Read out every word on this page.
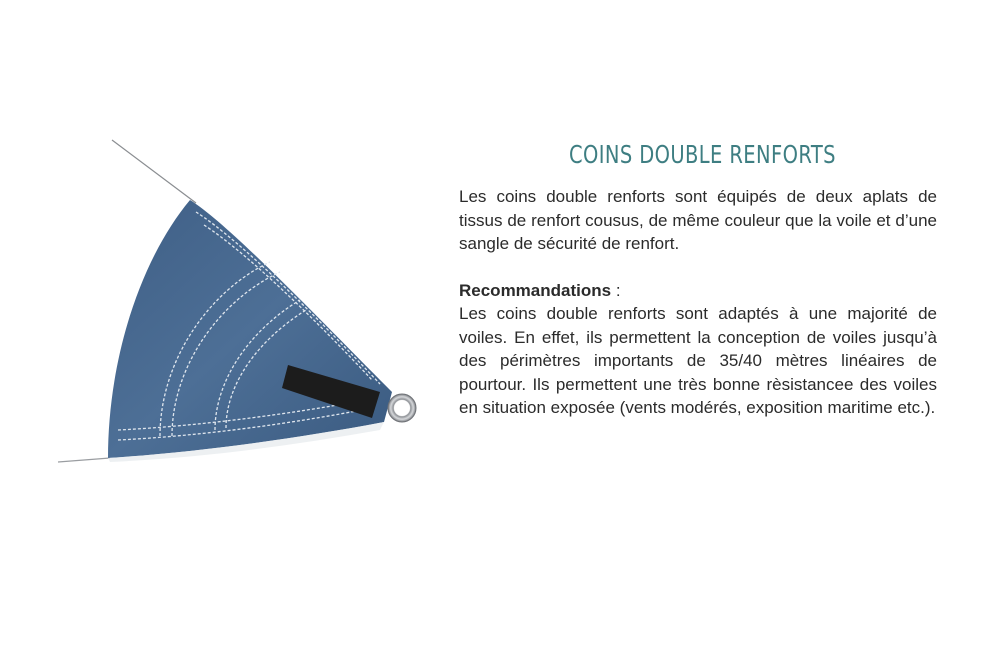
COINS DOUBLE RENFORTS

Les coins double renforts sont équipés de deux aplats de tissus de renfort cousus, de même couleur que la voile et d’une sangle de sécurité de renfort.

Recommandations :

Les coins double renforts sont adaptés à une majorité de voiles. En effet, ils permettent la conception de voiles jusqu’à des périmètres importants de 35/40 mètres linéaires de pourtour. Ils permettent une très bonne rèsistancee des voiles en situation exposée (vents modérés, exposition maritime etc.).
